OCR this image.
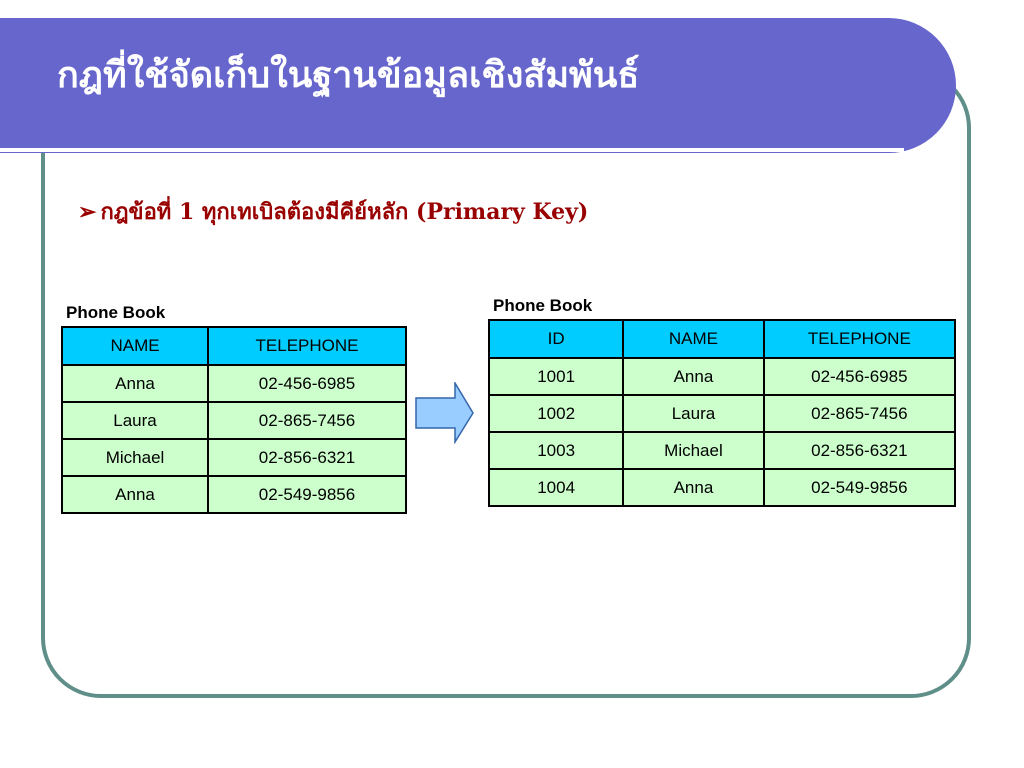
กฎที่ใช้จัดเก็บในฐานข้อมูลเชิงสัมพันธ์
➢ กฎข้อที่ 1 ทุกเทเบิลต้องมีคีย์หลัก (Primary Key)
Phone Book
NAME	TELEPHONE
Anna	02-456-6985
Laura	02-865-7456
Michael	02-856-6321
Anna	02-549-9856
Phone Book
ID	NAME	TELEPHONE
1001	Anna	02-456-6985
1002	Laura	02-865-7456
1003	Michael	02-856-6321
1004	Anna	02-549-9856
